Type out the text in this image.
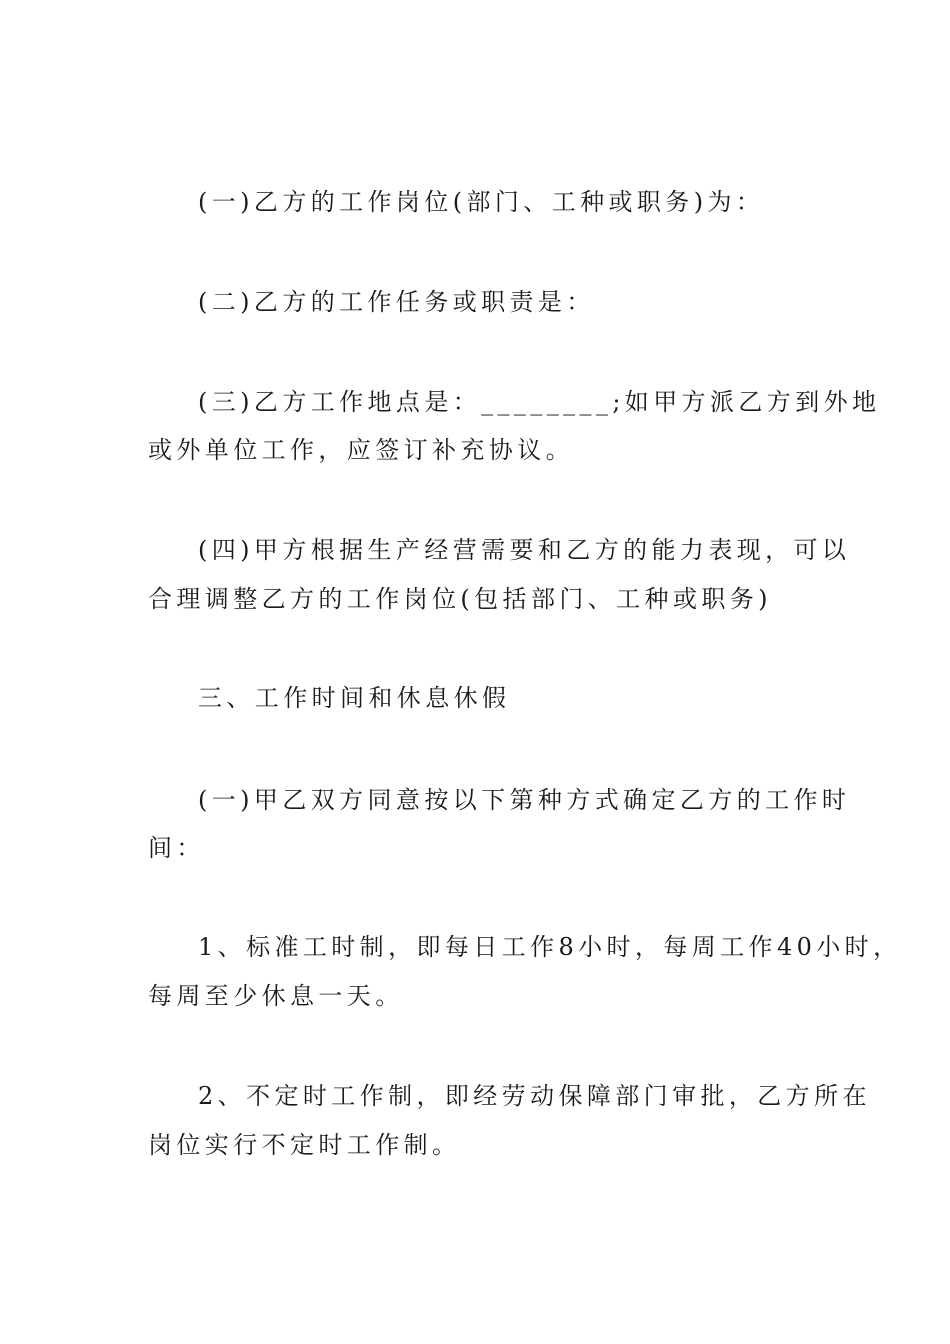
(一)乙方的工作岗位(部门、工种或职务)为：
(二)乙方的工作任务或职责是：
(三)乙方工作地点是：________;如甲方派乙方到外地
或外单位工作，应签订补充协议。
(四)甲方根据生产经营需要和乙方的能力表现，可以
合理调整乙方的工作岗位(包括部门、工种或职务)
三、工作时间和休息休假
(一)甲乙双方同意按以下第种方式确定乙方的工作时
间：
1、标准工时制，即每日工作8小时，每周工作40小时，
每周至少休息一天。
2、不定时工作制，即经劳动保障部门审批，乙方所在
岗位实行不定时工作制。
